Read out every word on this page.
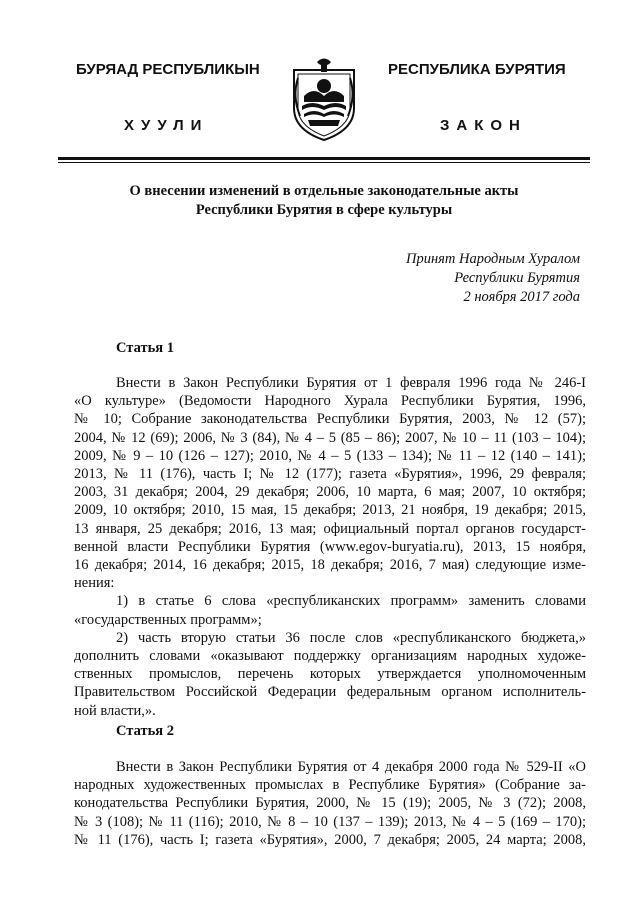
БУРЯАД РЕСПУБЛИКЫН
ХУУЛИ
РЕСПУБЛИКА БУРЯТИЯ
ЗАКОН
О внесении изменений в отдельные законодательные акты
Республики Бурятия в сфере культуры
Принят Народным Хуралом
Республики Бурятия
2 ноября 2017 года
Статья 1
Внести в Закон Республики Бурятия от 1 февраля 1996 года № 246-I
«О культуре» (Ведомости Народного Хурала Республики Бурятия, 1996,
№ 10; Собрание законодательства Республики Бурятия, 2003, № 12 (57);
2004, № 12 (69); 2006, № 3 (84), № 4 – 5 (85 – 86); 2007, № 10 – 11 (103 – 104);
2009, № 9 – 10 (126 – 127); 2010, № 4 – 5 (133 – 134); № 11 – 12 (140 – 141);
2013, № 11 (176), часть I; № 12 (177); газета «Бурятия», 1996, 29 февраля;
2003, 31 декабря; 2004, 29 декабря; 2006, 10 марта, 6 мая; 2007, 10 октября;
2009, 10 октября; 2010, 15 мая, 15 декабря; 2013, 21 ноября, 19 декабря; 2015,
13 января, 25 декабря; 2016, 13 мая; официальный портал органов государст-
венной власти Республики Бурятия (www.egov-buryatia.ru), 2013, 15 ноября,
16 декабря; 2014, 16 декабря; 2015, 18 декабря; 2016, 7 мая) следующие изме-
нения:
1) в статье 6 слова «республиканских программ» заменить словами
«государственных программ»;
2) часть вторую статьи 36 после слов «республиканского бюджета,»
дополнить словами «оказывают поддержку организациям народных художе-
ственных промыслов, перечень которых утверждается уполномоченным
Правительством Российской Федерации федеральным органом исполнитель-
ной власти,».
Статья 2
Внести в Закон Республики Бурятия от 4 декабря 2000 года № 529-II «О
народных художественных промыслах в Республике Бурятия» (Собрание за-
конодательства Республики Бурятия, 2000, № 15 (19); 2005, № 3 (72); 2008,
№ 3 (108); № 11 (116); 2010, № 8 – 10 (137 – 139); 2013, № 4 – 5 (169 – 170);
№ 11 (176), часть I; газета «Бурятия», 2000, 7 декабря; 2005, 24 марта; 2008,
